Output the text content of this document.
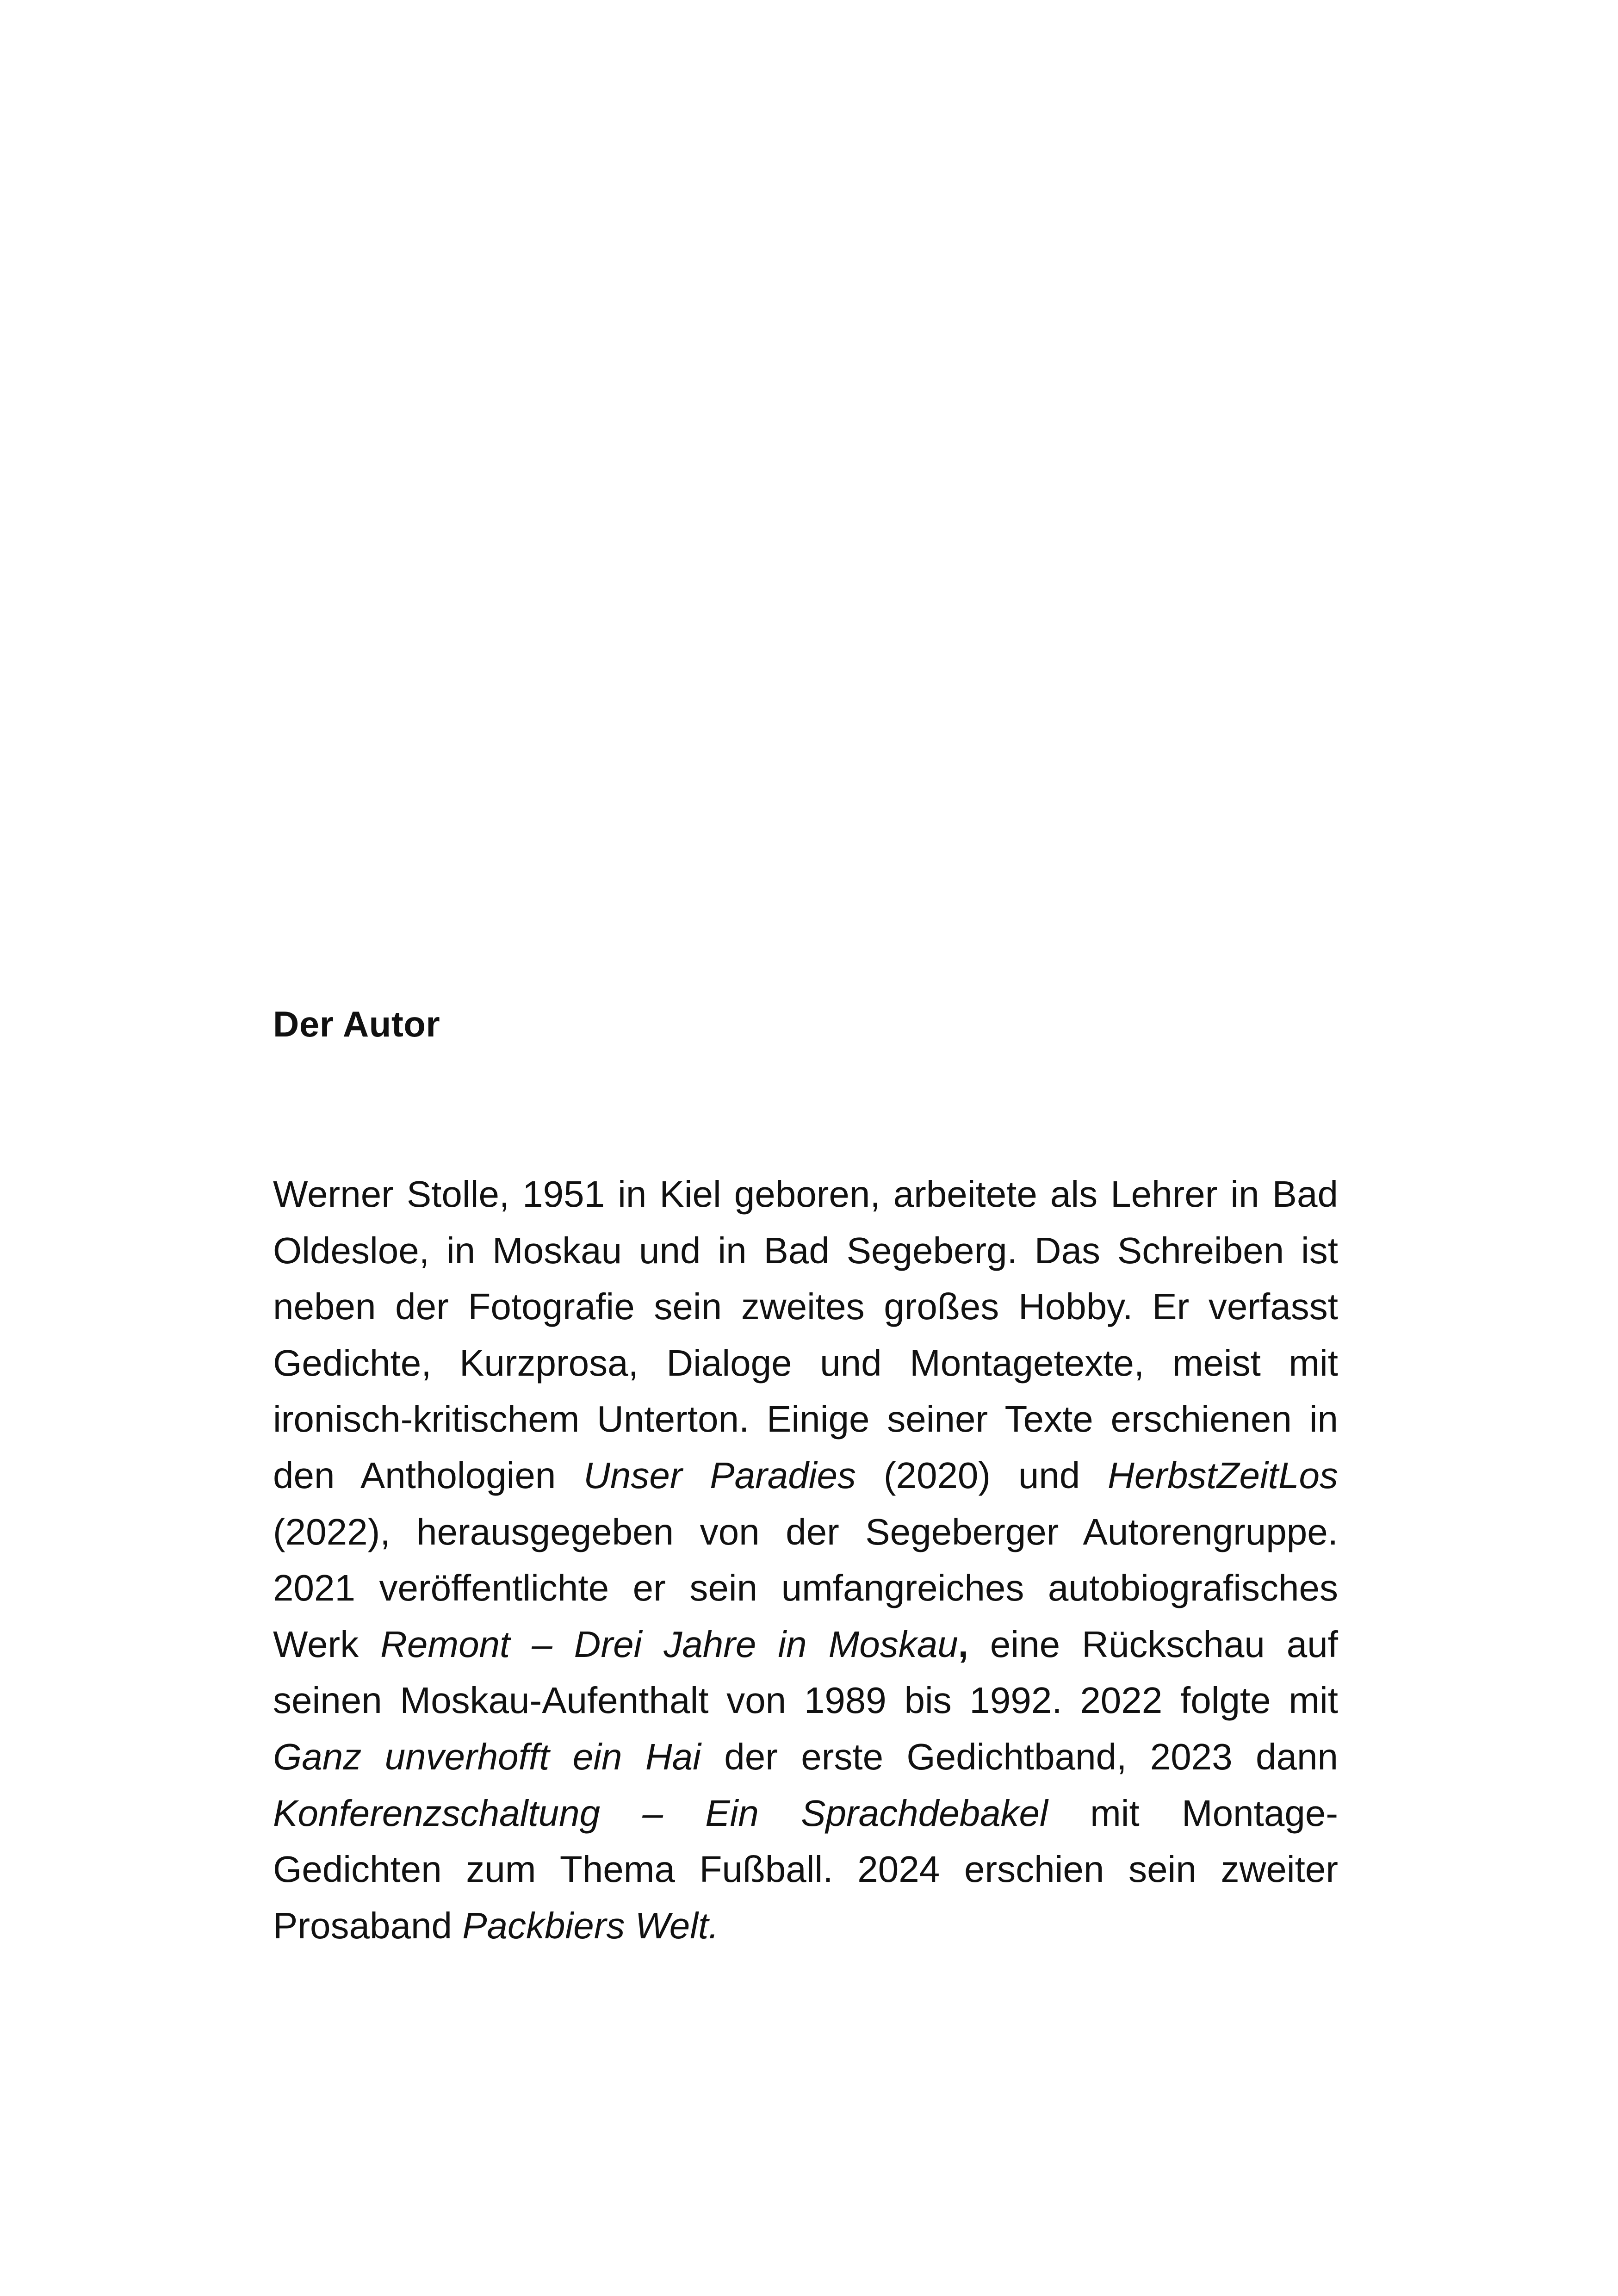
Der Autor

Werner Stolle, 1951 in Kiel geboren, arbeitete als Lehrer in Bad Oldesloe, in Moskau und in Bad Segeberg. Das Schreiben ist neben der Fotografie sein zweites großes Hobby. Er verfasst Gedichte, Kurzprosa, Dialoge und Montagetexte, meist mit ironisch-kritischem Unterton. Einige seiner Texte erschienen in den Anthologien Unser Paradies (2020) und HerbstZeitLos (2022), herausgegeben von der Segeberger Autorengruppe. 2021 veröffentlichte er sein umfangreiches autobiografisches Werk Remont – Drei Jahre in Moskau, eine Rückschau auf seinen Moskau-Aufenthalt von 1989 bis 1992. 2022 folgte mit Ganz unverhofft ein Hai der erste Gedichtband, 2023 dann Konferenzschaltung – Ein Sprachdebakel mit Montage-Gedichten zum Thema Fußball. 2024 erschien sein zweiter Prosaband Packbiers Welt.
